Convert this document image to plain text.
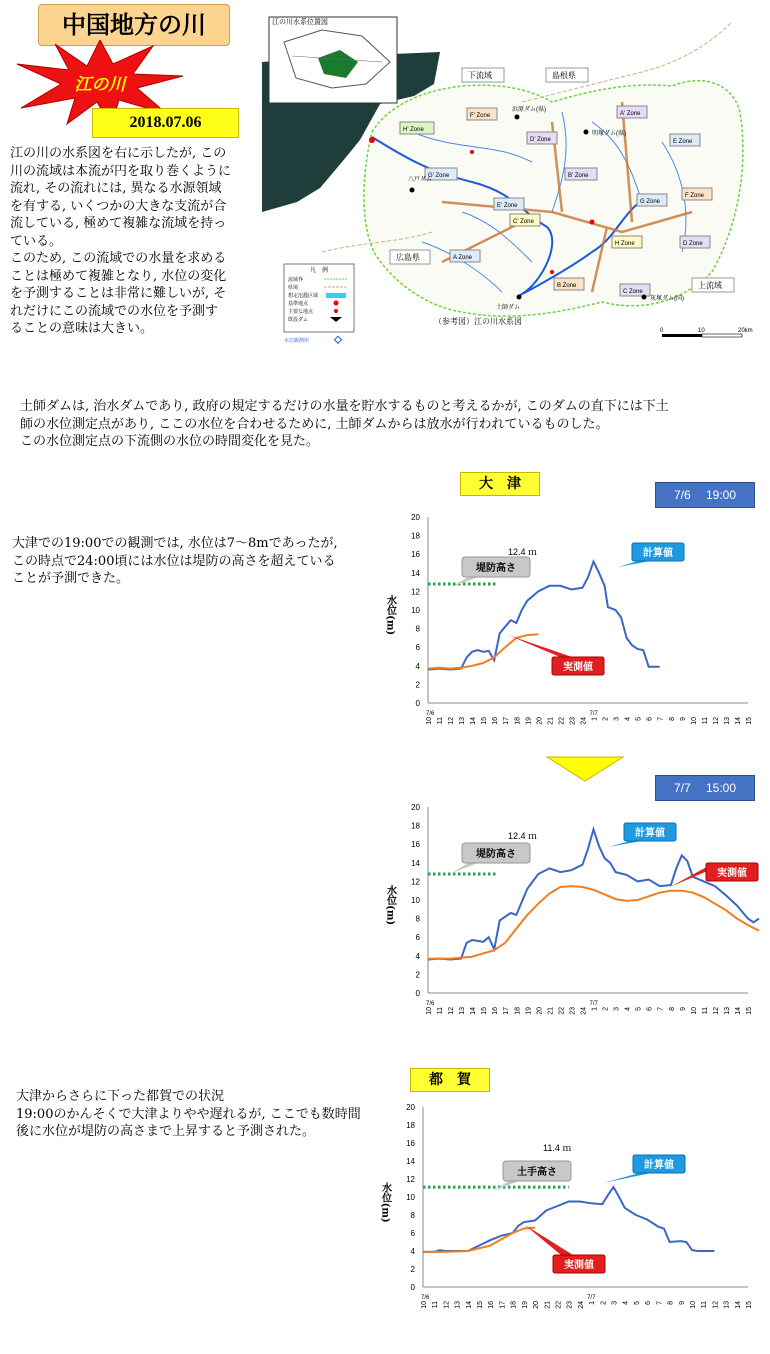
中国地方の川
江の川
2018.07.06
江の川の水系図を右に示したが, この
川の流域は本流が円を取り巻くように
流れ, その流れには, 異なる水源領域
を有する, いくつかの大きな支流が合
流している, 極めて複雑な流域を持っ
ている。
このため, この流域での水量を求める
ことは極めて複雑となり, 水位の変化
を予測することは非常に難しいが, そ
れだけにこの流域での水位を予測す
ることの意味は大きい。
江の川水系位置図
H' Zone
F' Zone
D' Zone
G' Zone	B' Zone
E' Zone
C' Zone
A' Zone
E Zone
G Zone
F Zone
H Zone	D Zone
A Zone
B Zone
C Zone
八戸ダム
土師ダム
浜原ダム(県)
明塚ダム(県)
灰塚ダム(国)
下流域	島根県
広島県
上流域
凡　例
流域界
県境
想定氾濫区域
基準地点
主要な地点
既設ダム
水位観測所
（参考図）江の川水系図
0	10	20km
土師ダムは, 治水ダムであり, 政府の規定するだけの水量を貯水するものと考えるかが, このダムの直下には下土
師の水位測定点があり, ここの水位を合わせるために, 土師ダムからは放水が行われているものした。
この水位測定点の下流側の水位の時間変化を見た。
大　津
7/6　 19:00
大津での19:00での観測では, 水位は7～8mであったが,
この時点で24:00頃には水位は堤防の高さを超えている
ことが予測できた。
0
2
4
6
8
10
12
14
16
18
20
水位(m)
10 11 12 13 14 15 16 17 18 19 20 21 22 23 24 1 2 3 4 5 6 7 8 9 10 11 12 13 14 15
7/6	7/7
12.4 ｍ
堤防高さ
計算値
実測値
7/7　 15:00
0
2
4
6
8
10
12
14
16
18
20
水位(m)
10 11 12 13 14 15 16 17 18 19 20 21 22 23 24 1 2 3 4 5 6 7 8 9 10 11 12 13 14 15
7/6	7/7
12.4 ｍ
堤防高さ
計算値
実測値
都　賀
大津からさらに下った都賀での状況
19:00のかんそくで大津よりやや遅れるが, ここでも数時間
後に水位が堤防の高さまで上昇すると予測された。
0
2
4
6
8
10
12
14
16
18
20
水位(m)
10 11 12 13 14 15 16 17 18 19 20 21 22 23 24 1 2 3 4 5 6 7 8 9 10 11 12 13 14 15
7/6	7/7
11.4 ｍ
土手高さ
計算値
実測値
